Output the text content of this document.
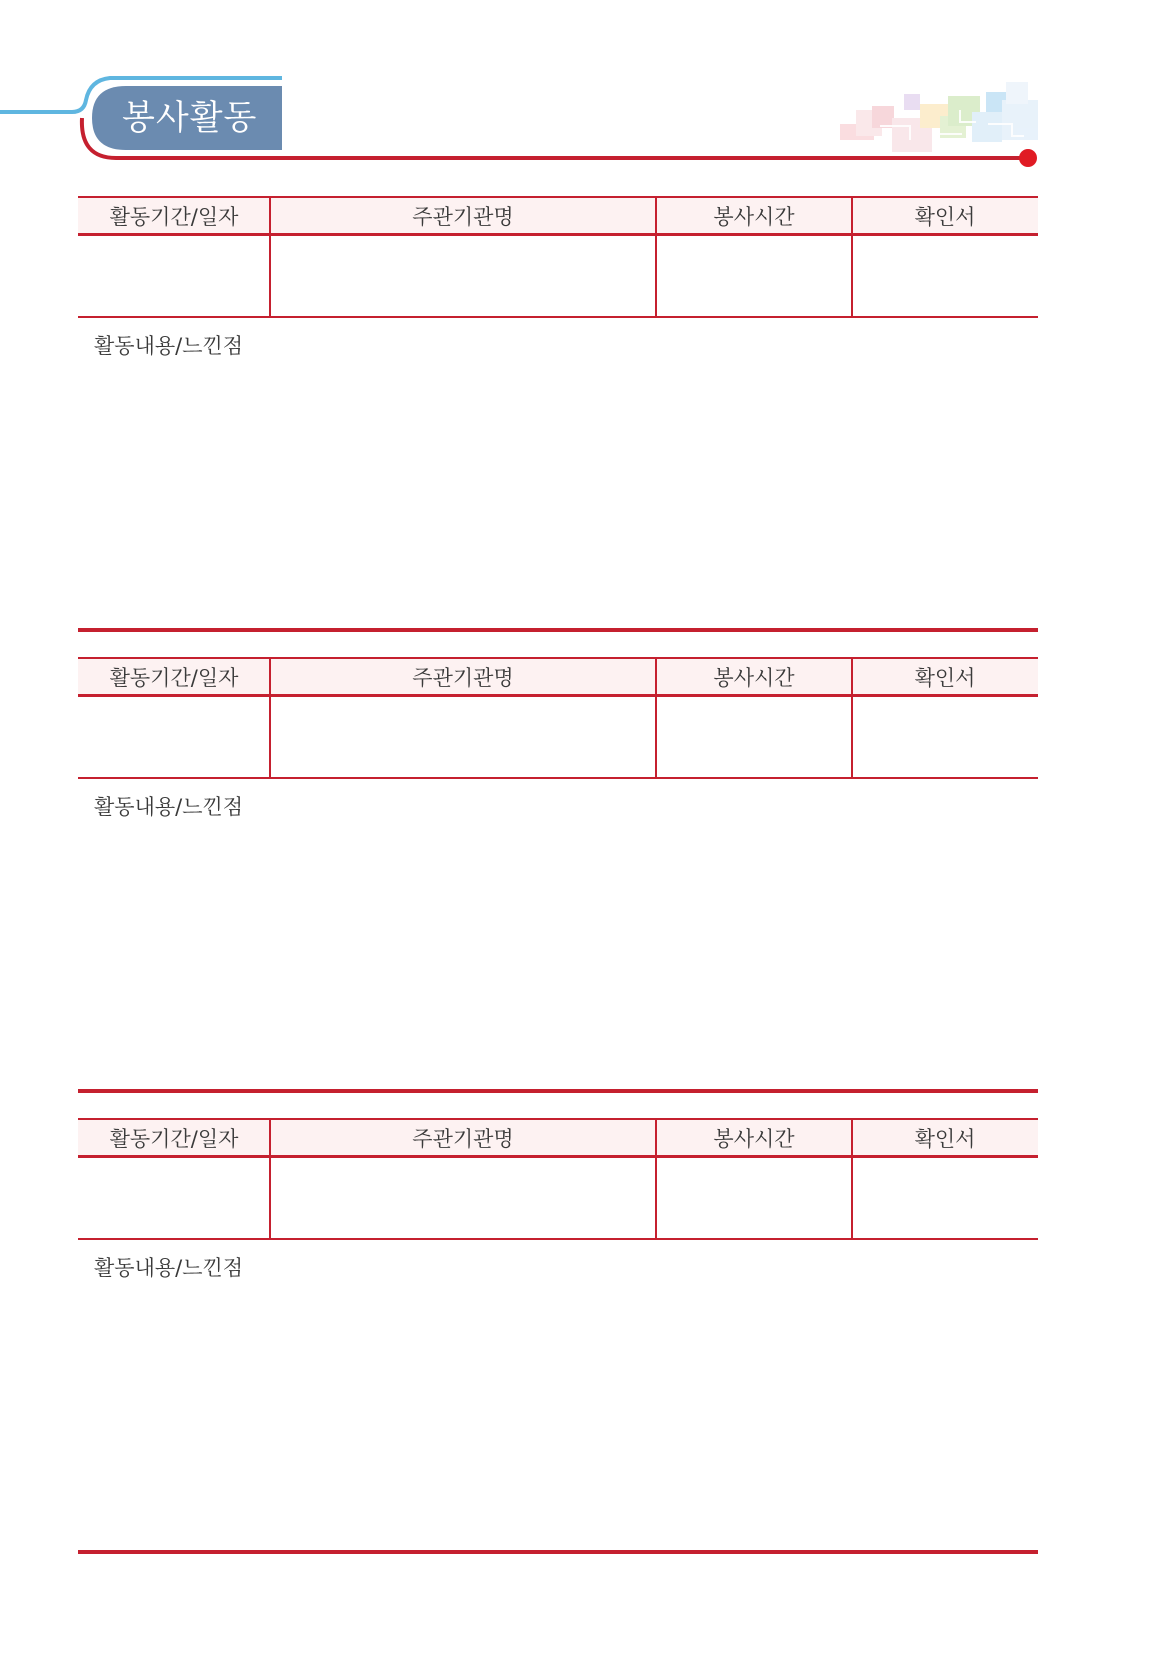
봉사활동
활동기간/일자	주관기관명	봉사시간	확인서
활동내용/느낀점
활동기간/일자	주관기관명	봉사시간	확인서
활동내용/느낀점
활동기간/일자	주관기관명	봉사시간	확인서
활동내용/느낀점
